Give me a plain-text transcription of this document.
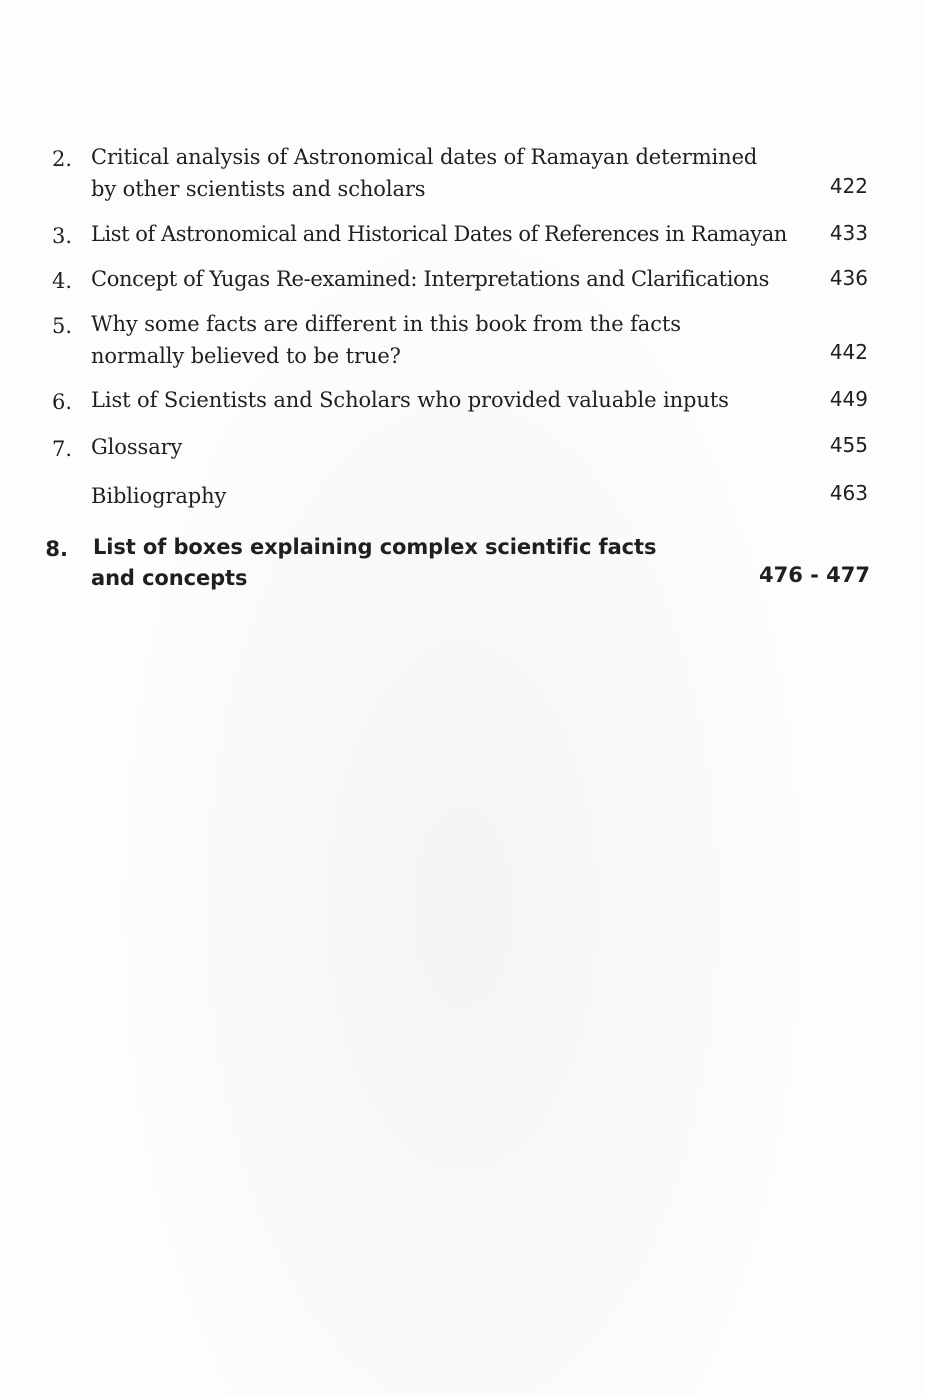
2. Critical analysis of Astronomical dates of Ramayan determined
by other scientists and scholars	422
3. List of Astronomical and Historical Dates of References in Ramayan 433
4. Concept of Yugas Re-examined: Interpretations and Clarifications	436
5. Why some facts are different in this book from the facts
normally believed to be true?	442
6. List of Scientists and Scholars who provided valuable inputs	449
7. Glossary	455
Bibliography	463
8. List of boxes explaining complex scientific facts
and concepts	476 - 477
